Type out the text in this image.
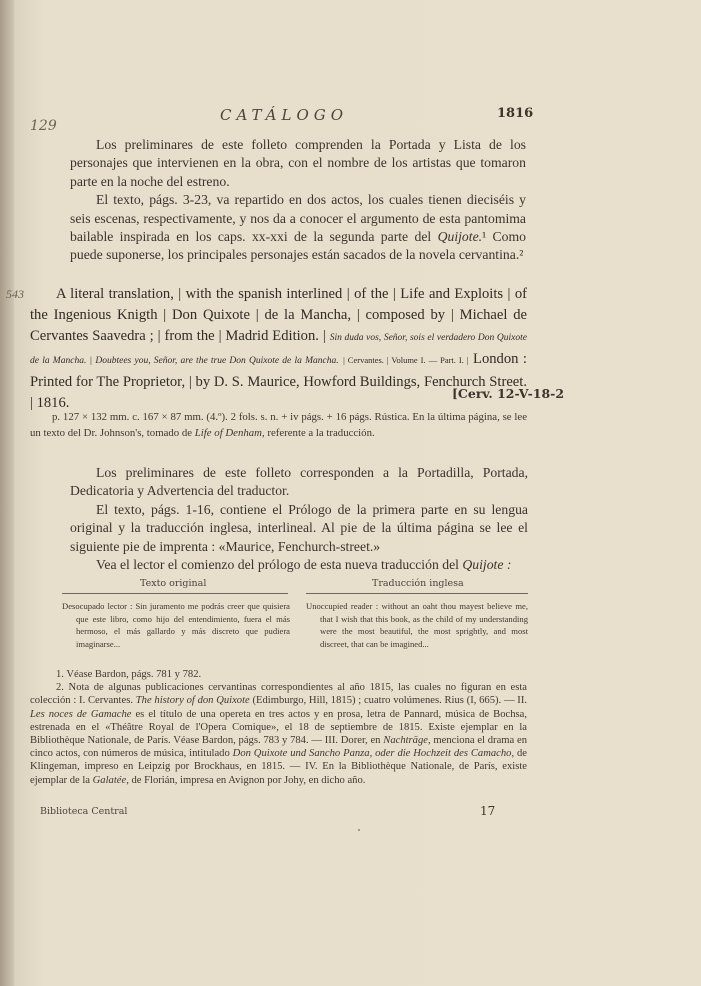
129
CATÁLOGO	1816

Los preliminares de este folleto comprenden la Portada y Lista de los personajes que intervienen en la obra, con el nombre de los artistas que tomaron parte en la noche del estreno.

El texto, págs. 3-23, va repartido en dos actos, los cuales tienen dieciséis y seis escenas, respectivamente, y nos da a conocer el argumento de esta pantomima bailable inspirada en los caps. xx-xxi de la segunda parte del Quijote.¹ Como puede suponerse, los principales personajes están sacados de la novela cervantina.²

543 A literal translation, | with the spanish interlined | of the | Life and Exploits | of the Ingenious Knigth | Don Quixote | de la Mancha, | composed by | Michael de Cervantes Saavedra ; | from the | Madrid Edition. | Sin duda vos, Señor, sois el verdadero Don Quixote de la Mancha. | Doubtees you, Señor, are the true Don Quixote de la Mancha. | Cervantes. | Volume I. — Part. I. | London : Printed for The Proprietor, | by D. S. Maurice, Howford Buildings, Fenchurch Street. | 1816.
[Cerv. 12-V-18-2

p. 127 × 132 mm. c. 167 × 87 mm. (4.º). 2 fols. s. n. + iv págs. + 16 págs. Rústica. En la última página, se lee un texto del Dr. Johnson's, tomado de Life of Denham, referente a la traducción.

Los preliminares de este folleto corresponden a la Portadilla, Portada, Dedicatoria y Advertencia del traductor.

El texto, págs. 1-16, contiene el Prólogo de la primera parte en su lengua original y la traducción inglesa, interlineal. Al pie de la última página se lee el siguiente pie de imprenta : «Maurice, Fenchurch-street.»

Vea el lector el comienzo del prólogo de esta nueva traducción del Quijote :

Texto original	Traducción inglesa

Desocupado lector : Sin juramento me podrás creer que quisiera que este libro, como hijo del entendimiento, fuera el más hermoso, el más gallardo y más discreto que pudiera imaginarse...

Unoccupied reader : without an oaht thou mayest believe me, that I wish that this book, as the child of my understanding were the most beautiful, the most sprightly, and most discreet, that can be imagined...

1. Véase Bardon, págs. 781 y 782.

2. Nota de algunas publicaciones cervantinas correspondientes al año 1815, las cuales no figuran en esta colección : I. Cervantes. The history of don Quixote (Edimburgo, Hill, 1815) ; cuatro volúmenes. Rius (I, 665). — II. Les noces de Gamache es el título de una opereta en tres actos y en prosa, letra de Pannard, música de Bochsa, estrenada en el «Théâtre Royal de l'Opera Comique», el 18 de septiembre de 1815. Existe ejemplar en la Bibliothèque Nationale, de París. Véase Bardon, págs. 783 y 784. — III. Dorer, en Nachträge, menciona el drama en cinco actos, con números de música, intitulado Don Quixote und Sancho Panza, oder die Hochzeit des Camacho, de Klingeman, impreso en Leipzig por Brockhaus, en 1815. — IV. En la Bibliothèque Nationale, de París, existe ejemplar de la Galatée, de Florián, impresa en Avignon por Johy, en dicho año.

Biblioteca Central	17
